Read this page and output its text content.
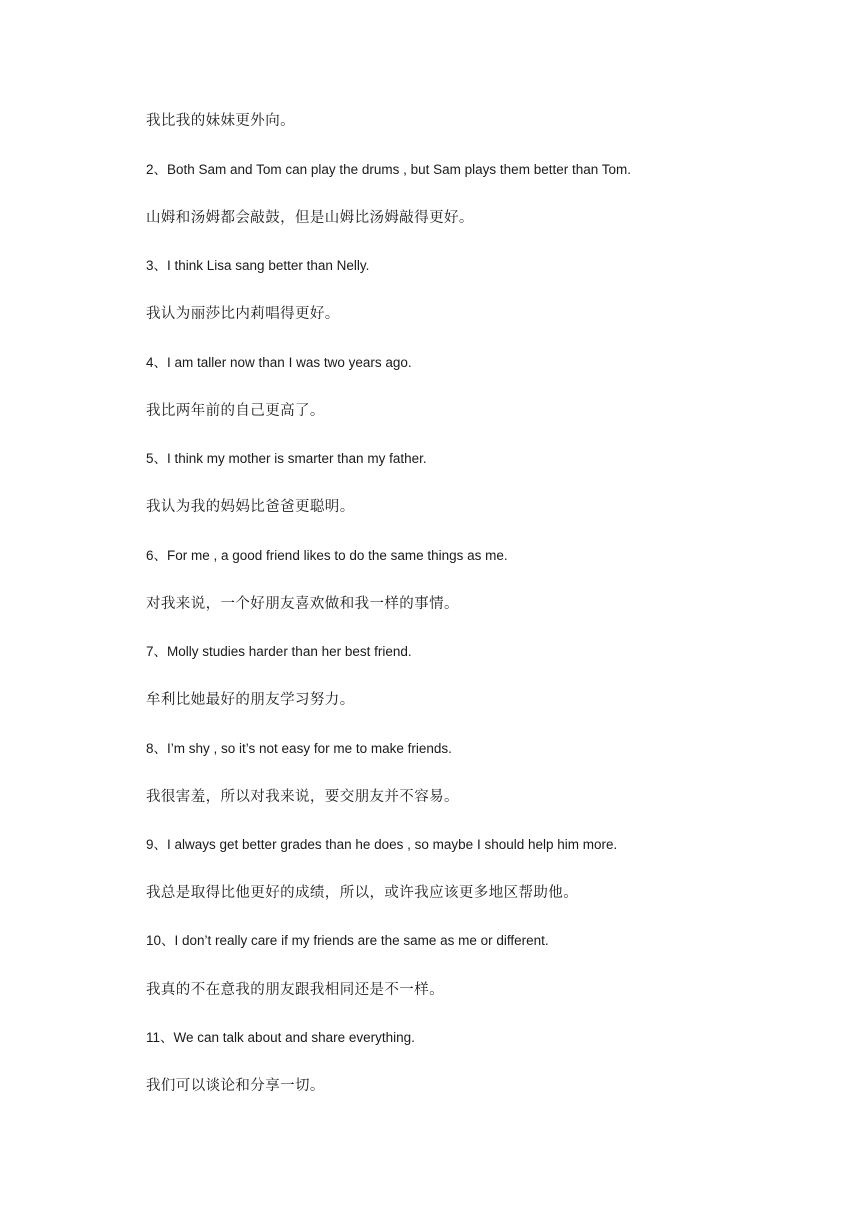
我比我的妹妹更外向。
2、Both Sam and Tom can play the drums , but Sam plays them better than Tom.
山姆和汤姆都会敲鼓，但是山姆比汤姆敲得更好。
3、I think Lisa sang better than Nelly.
我认为丽莎比内莉唱得更好。
4、I am taller now than I was two years ago.
我比两年前的自己更高了。
5、I think my mother is smarter than my father.
我认为我的妈妈比爸爸更聪明。
6、For me , a good friend likes to do the same things as me.
对我来说，一个好朋友喜欢做和我一样的事情。
7、Molly studies harder than her best friend.
牟利比她最好的朋友学习努力。
8、I’m shy , so it’s not easy for me to make friends.
我很害羞，所以对我来说，要交朋友并不容易。
9、I always get better grades than he does , so maybe I should help him more.
我总是取得比他更好的成绩，所以，或许我应该更多地区帮助他。
10、I don’t really care if my friends are the same as me or different.
我真的不在意我的朋友跟我相同还是不一样。
11、We can talk about and share everything.
我们可以谈论和分享一切。
